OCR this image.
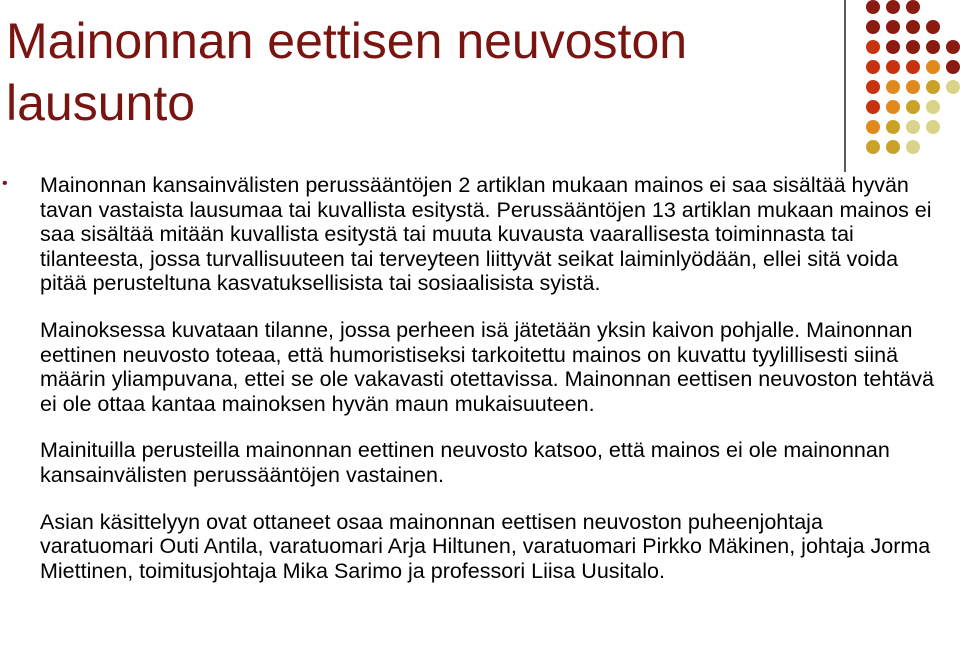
Mainonnan eettisen neuvoston lausunto

• Mainonnan kansainvälisten perussääntöjen 2 artiklan mukaan mainos ei saa sisältää hyvän tavan vastaista lausumaa tai kuvallista esitystä. Perussääntöjen 13 artiklan mukaan mainos ei saa sisältää mitään kuvallista esitystä tai muuta kuvausta vaarallisesta toiminnasta tai tilanteesta, jossa turvallisuuteen tai terveyteen liittyvät seikat laiminlyödään, ellei sitä voida pitää perusteltuna kasvatuksellisista tai sosiaalisista syistä.

Mainoksessa kuvataan tilanne, jossa perheen isä jätetään yksin kaivon pohjalle. Mainonnan eettinen neuvosto toteaa, että humoristiseksi tarkoitettu mainos on kuvattu tyylillisesti siinä määrin yliampuvana, ettei se ole vakavasti otettavissa. Mainonnan eettisen neuvoston tehtävä ei ole ottaa kantaa mainoksen hyvän maun mukaisuuteen.

Mainituilla perusteilla mainonnan eettinen neuvosto katsoo, että mainos ei ole mainonnan kansainvälisten perussääntöjen vastainen.

Asian käsittelyyn ovat ottaneet osaa mainonnan eettisen neuvoston puheenjohtaja varatuomari Outi Antila, varatuomari Arja Hiltunen, varatuomari Pirkko Mäkinen, johtaja Jorma Miettinen, toimitusjohtaja Mika Sarimo ja professori Liisa Uusitalo.
